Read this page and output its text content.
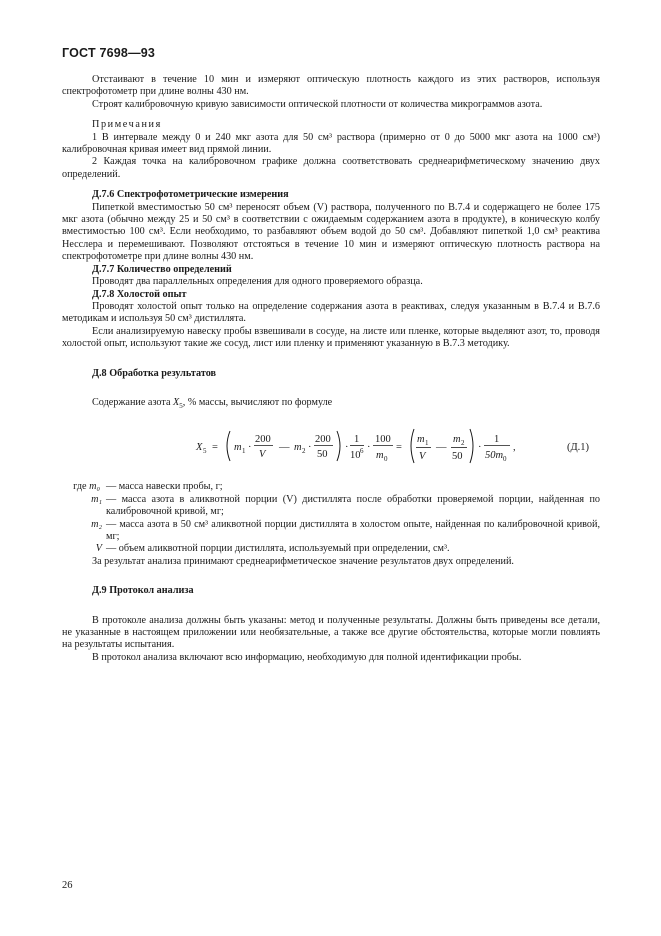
ГОСТ 7698—93

Отстаивают в течение 10 мин и измеряют оптическую плотность каждого из этих растворов, используя спектрофотометр при длине волны 430 нм.

Строят калибровочную кривую зависимости оптической плотности от количества микрограммов азота.

Примечания

1 В интервале между 0 и 240 мкг азота для 50 см³ раствора (примерно от 0 до 5000 мкг азота на 1000 см³) калибровочная кривая имеет вид прямой линии.

2 Каждая точка на калибровочном графике должна соответствовать среднеарифметическому значению двух определений.

Д.7.6 Спектрофотометрические измерения

Пипеткой вместимостью 50 см³ переносят объем (V) раствора, полученного по В.7.4 и содержащего не более 175 мкг азота (обычно между 25 и 50 см³ в соответствии с ожидаемым содержанием азота в продукте), в коническую колбу вместимостью 100 см³. Если необходимо, то разбавляют объем водой до 50 см³. Добавляют пипеткой 1,0 см³ реактива Несслера и перемешивают. Позволяют отстояться в течение 10 мин и измеряют оптическую плотность раствора на спектрофотометре при длине волны 430 нм.

Д.7.7 Количество определений

Проводят два параллельных определения для одного проверяемого образца.

Д.7.8 Холостой опыт

Проводят холостой опыт только на определение содержания азота в реактивах, следуя указанным в В.7.4 и В.7.6 методикам и используя 50 см³ дистиллята.

Если анализируемую навеску пробы взвешивали в сосуде, на листе или пленке, которые выделяют азот, то, проводя холостой опыт, используют такие же сосуд, лист или пленку и применяют указанную в В.7.3 методику.

Д.8 Обработка результатов

Содержание азота $X_5$, % массы, вычисляют по формуле

X 5 = m 1 ·
200
V
— m 2 ·
200
50
·
1
10 6 ·
100
m 0
=
m 1
V
—
m 2
50
·
1
50m 0
,	(Д.1)

где m₀ — масса навески пробы, г;

m₁ — масса азота в аликвотной порции (V) дистиллята после обработки проверяемой порции, найденная по калибровочной кривой, мг;

m₂ — масса азота в 50 см³ аликвотной порции дистиллята в холостом опыте, найденная по калибровочной кривой, мг;

V — объем аликвотной порции дистиллята, используемый при определении, см³.

За результат анализа принимают среднеарифметическое значение результатов двух определений.

Д.9 Протокол анализа

В протоколе анализа должны быть указаны: метод и полученные результаты. Должны быть приведены все детали, не указанные в настоящем приложении или необязательные, а также все другие обстоятельства, которые могли повлиять на результаты испытания.

В протокол анализа включают всю информацию, необходимую для полной идентификации пробы.

26
